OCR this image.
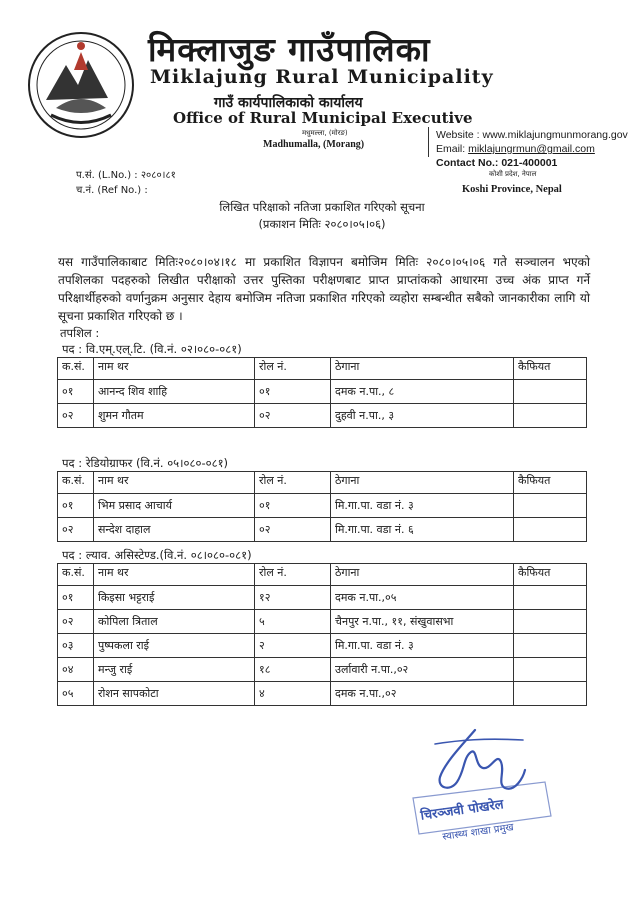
मिक्लाजुङ गाउँपालिका
Miklajung Rural Municipality
गाउँ कार्यपालिकाको कार्यालय
Office of Rural Municipal Executive
मधुमल्ला, (मोरङ)
Madhumalla, (Morang)
Website : www.miklajungmunmorang.gov
Email: miklajungrmun@gmail.com
Contact No.: 021-400001
कोशी प्रदेश, नेपाल
Koshi Province, Nepal
प.सं. (L.No.) : २०८०।८१
च.नं. (Ref No.) :
लिखित परिक्षाको नतिजा प्रकाशित गरिएको सूचना
(प्रकाशन मितिः २०८०।०५।०६)
यस गाउँपालिकाबाट मितिः२०८०।०४।१८ मा प्रकाशित विज्ञापन बमोजिम मितिः २०८०।०५।०६ गते सञ्चालन भएको तपशिलका पदहरुको लिखीत परीक्षाको उत्तर पुस्तिका परीक्षणबाट प्राप्त प्राप्तांकको आधारमा उच्च अंक प्राप्त गर्ने परिक्षार्थीहरुको वर्णानुक्रम अनुसार देहाय बमोजिम नतिजा प्रकाशित गरिएको व्यहोरा सम्बन्धीत सबैको जानकारीका लागि यो सूचना प्रकाशित गरिएको छ ।
तपशिल :
पद : वि.एम्.एल्.टि. (वि.नं. ०२।०८०-०८१)
क.सं.	नाम थर	रोल नं.	ठेगाना	कैफियत
०१	आनन्द शिव शाहि	०१	दमक न.पा., ८	
०२	शुमन गौतम	०२	दुहवी न.पा., ३	
पद : रेडियोग्राफर (वि.नं. ०५।०८०-०८१)
क.सं.	नाम थर	रोल नं.	ठेगाना	कैफियत
०१	भिम प्रसाद आचार्य	०१	मि.गा.पा. वडा नं. ३	
०२	सन्देश दाहाल	०२	मि.गा.पा. वडा नं. ६	
पद : ल्याव. असिस्टेण्ड.(वि.नं. ०८।०८०-०८१)
क.सं.	नाम थर	रोल नं.	ठेगाना	कैफियत
०१	किइसा भट्टराई	१२	दमक न.पा.,०५	
०२	कोपिला त्रिताल	५	चैनपुर न.पा., ११, संखुवासभा	
०३	पुष्पकला राई	२	मि.गा.पा. वडा नं. ३	
०४	मन्जु राई	१८	उर्लावारी न.पा.,०२	
०५	रोशन सापकोटा	४	दमक न.पा.,०२	
चिरञ्जवी पोखरेल
स्वास्थ्य शाखा प्रमुख
